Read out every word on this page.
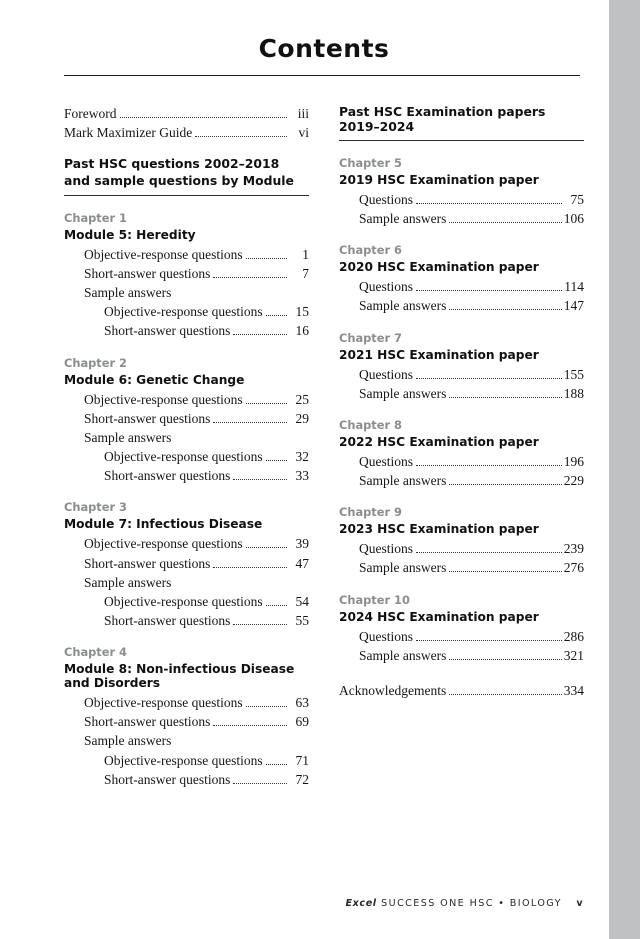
Contents
Foreword	iii
Mark Maximizer Guide	vi
Past HSC questions 2002–2018 and sample questions by Module
Chapter 1
Module 5: Heredity
Objective-response questions	1
Short-answer questions	7
Sample answers
Objective-response questions	15
Short-answer questions	16
Chapter 2
Module 6: Genetic Change
Objective-response questions	25
Short-answer questions	29
Sample answers
Objective-response questions	32
Short-answer questions	33
Chapter 3
Module 7: Infectious Disease
Objective-response questions	39
Short-answer questions	47
Sample answers
Objective-response questions	54
Short-answer questions	55
Chapter 4
Module 8: Non-infectious Disease and Disorders
Objective-response questions	63
Short-answer questions	69
Sample answers
Objective-response questions	71
Short-answer questions	72
Past HSC Examination papers 2019–2024
Chapter 5
2019 HSC Examination paper
Questions	75
Sample answers	106
Chapter 6
2020 HSC Examination paper
Questions	114
Sample answers	147
Chapter 7
2021 HSC Examination paper
Questions	155
Sample answers	188
Chapter 8
2022 HSC Examination paper
Questions	196
Sample answers	229
Chapter 9
2023 HSC Examination paper
Questions	239
Sample answers	276
Chapter 10
2024 HSC Examination paper
Questions	286
Sample answers	321
Acknowledgements	334
Excel SUCCESS ONE HSC • BIOLOGY v
